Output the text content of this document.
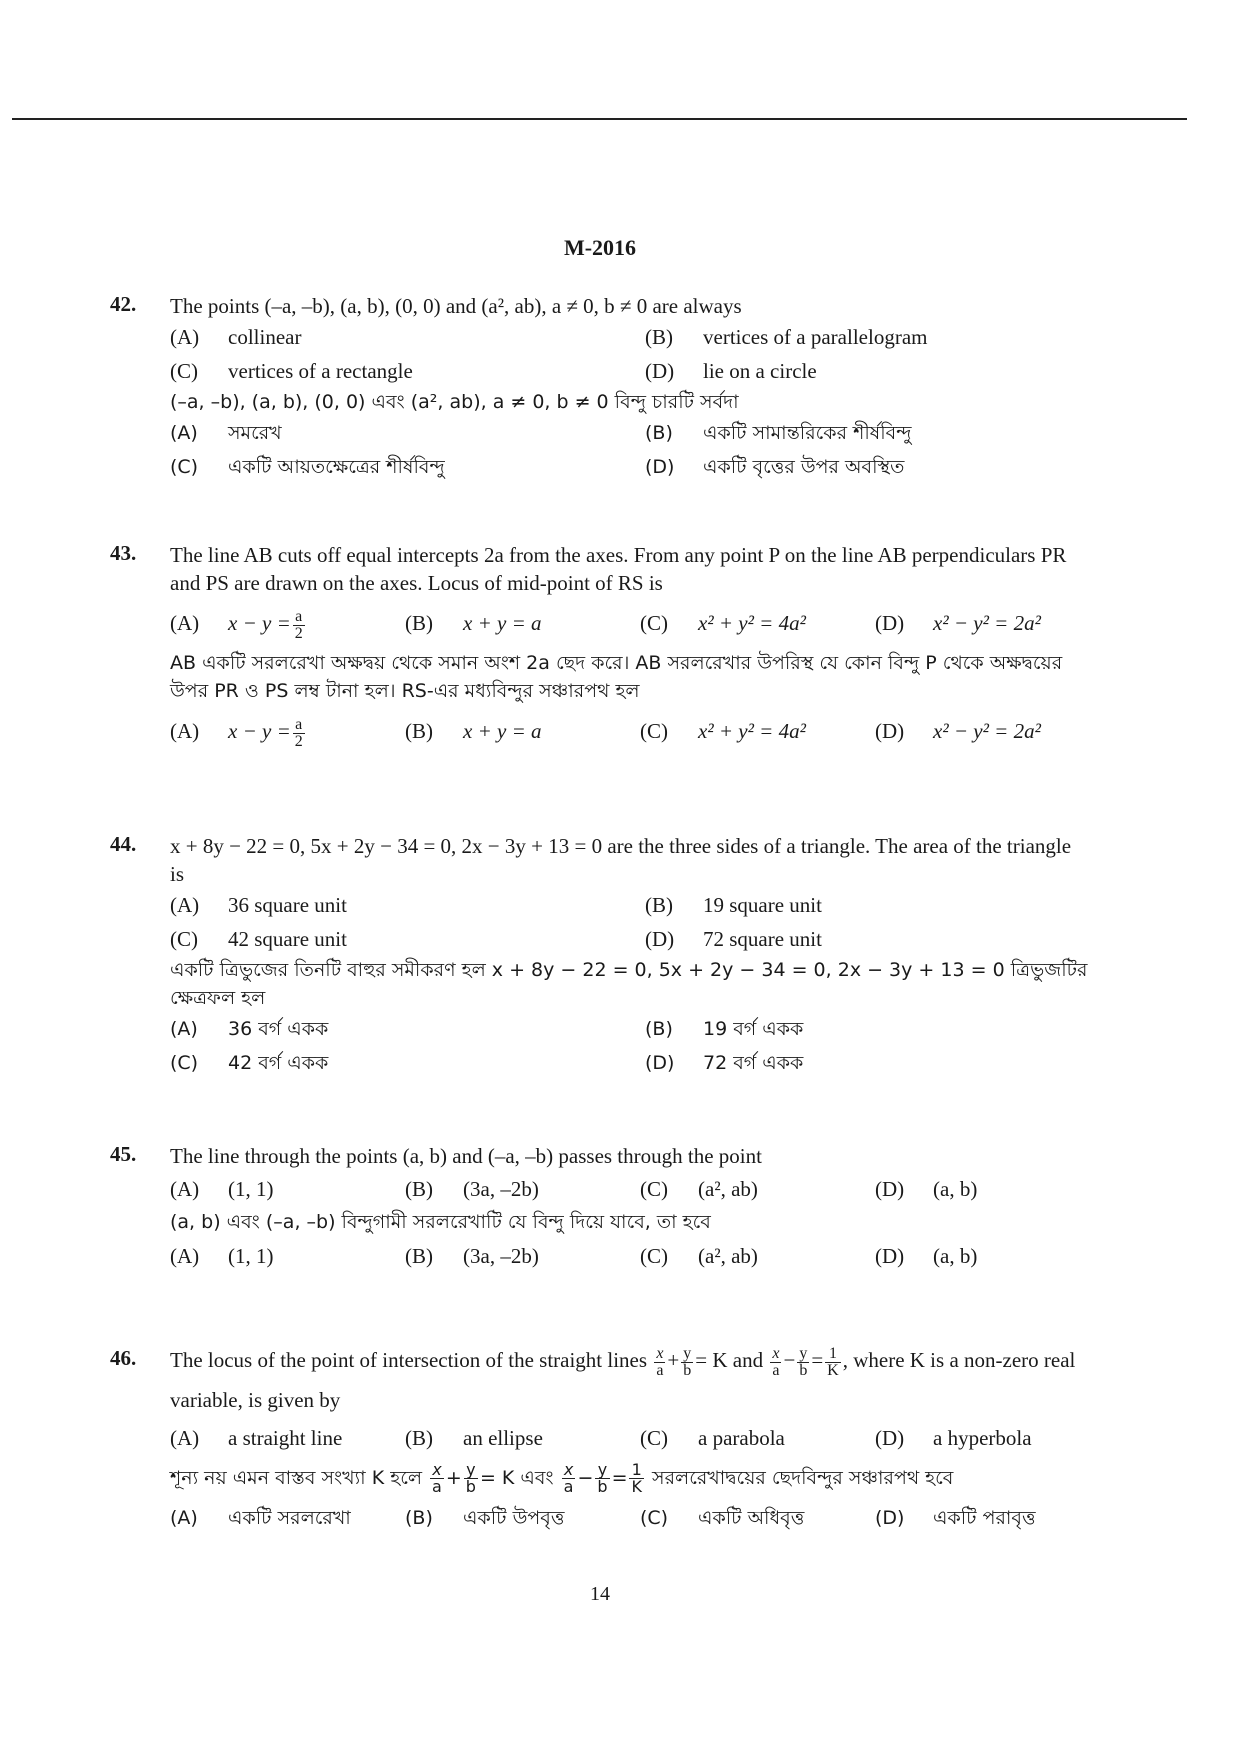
M-2016
42. The points (–a, –b), (a, b), (0, 0) and (a², ab), a ≠ 0, b ≠ 0 are always
(A) collinear	(B) vertices of a parallelogram
(C) vertices of a rectangle	(D) lie on a circle
(–a, –b), (a, b), (0, 0) এবং (a², ab), a ≠ 0, b ≠ 0 বিন্দু চারটি সর্বদা
(A) সমরেখ	(B) একটি সামান্তরিকের শীর্ষবিন্দু
(C) একটি আয়তক্ষেত্রের শীর্ষবিন্দু	(D) একটি বৃত্তের উপর অবস্থিত
43. The line AB cuts off equal intercepts 2a from the axes. From any point P on the line AB perpendiculars PR and PS are drawn on the axes. Locus of mid-point of RS is
(A) $x - y = \frac{a}{2}$	(B) x + y = a	(C) x² + y² = 4a²	(D) x² − y² = 2a²
AB একটি সরলরেখা অক্ষদ্বয় থেকে সমান অংশ 2a ছেদ করে। AB সরলরেখার উপরিস্থ যে কোন বিন্দু P থেকে অক্ষদ্বয়ের উপর PR ও PS লম্ব টানা হল। RS-এর মধ্যবিন্দুর সঞ্চারপথ হল
(A) $x - y = \frac{a}{2}$	(B) x + y = a	(C) x² + y² = 4a²	(D) x² − y² = 2a²
44. x + 8y − 22 = 0, 5x + 2y − 34 = 0, 2x − 3y + 13 = 0 are the three sides of a triangle. The area of the triangle is
(A) 36 square unit	(B) 19 square unit
(C) 42 square unit	(D) 72 square unit
একটি ত্রিভুজের তিনটি বাহুর সমীকরণ হল x + 8y − 22 = 0, 5x + 2y − 34 = 0, 2x − 3y + 13 = 0 ত্রিভুজটির ক্ষেত্রফল হল
(A) 36 বর্গ একক	(B) 19 বর্গ একক
(C) 42 বর্গ একক	(D) 72 বর্গ একক
45. The line through the points (a, b) and (–a, –b) passes through the point
(A) (1, 1)	(B) (3a, –2b)	(C) (a², ab)	(D) (a, b)
(a, b) এবং (–a, –b) বিন্দুগামী সরলরেখাটি যে বিন্দু দিয়ে যাবে, তা হবে
(A) (1, 1)	(B) (3a, –2b)	(C) (a², ab)	(D) (a, b)
46. The locus of the point of intersection of the straight lines $\frac{x}{a} + \frac{y}{b} = K$ and $\frac{x}{a} - \frac{y}{b} = \frac{1}{K}$ , where K is a non-zero real variable, is given by
(A) a straight line	(B) an ellipse	(C) a parabola	(D) a hyperbola
শূন্য নয় এমন বাস্তব সংখ্যা K হলে $\frac{x}{a} + \frac{y}{b} = K$ এবং $\frac{x}{a} - \frac{y}{b} = \frac{1}{K}$ সরলরেখাদ্বয়ের ছেদবিন্দুর সঞ্চারপথ হবে
(A) একটি সরলরেখা	(B) একটি উপবৃত্ত	(C) একটি অধিবৃত্ত	(D) একটি পরাবৃত্ত
14
